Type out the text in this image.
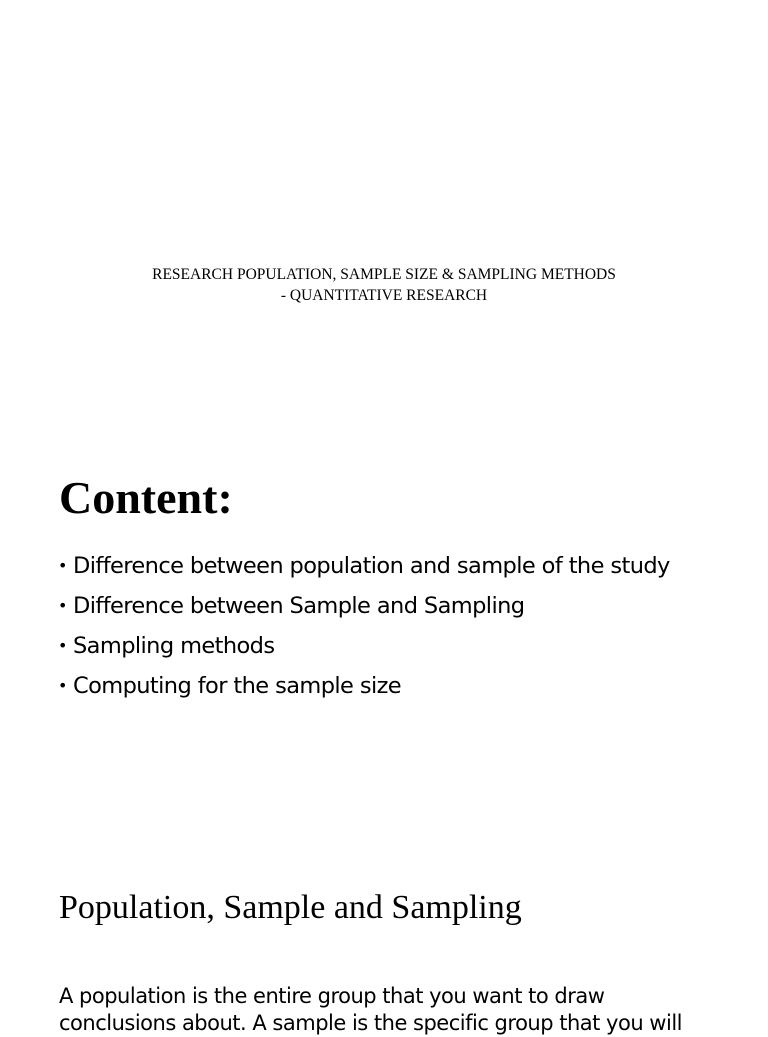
RESEARCH POPULATION, SAMPLE SIZE & SAMPLING METHODS
- QUANTITATIVE RESEARCH
Content:
• Difference between population and sample of the study
• Difference between Sample and Sampling
• Sampling methods
• Computing for the sample size
Population, Sample and Sampling

A population is the entire group that you want to draw conclusions about. A sample is the specific group that you will
